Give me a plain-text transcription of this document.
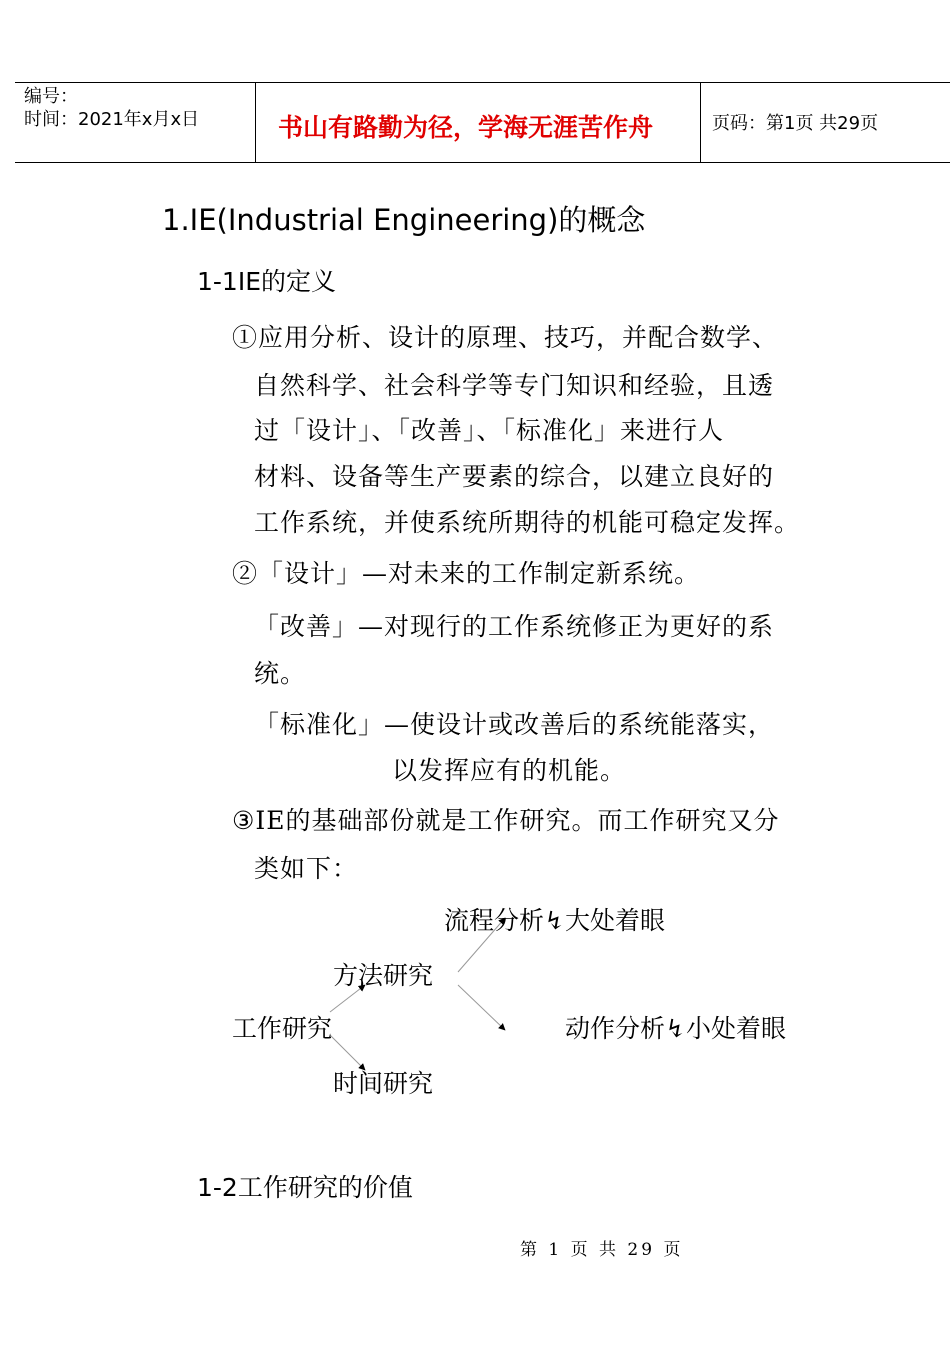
编号：
时间：2021年x月x日	书山有路勤为径，学海无涯苦作舟	页码：第1页 共29页
1.IE(Industrial Engineering)的概念
1-1IE的定义
①应用分析、设计的原理、技巧，并配合数学、
自然科学、社会科学等专门知识和经验，且透
过「设计」、「改善」、「标准化」来进行人
材料、设备等生产要素的综合，以建立良好的
工作系统，并使系统所期待的机能可稳定发挥。
②「设计」—对未来的工作制定新系统。
「改善」—对现行的工作系统修正为更好的系
统。
「标准化」—使设计或改善后的系统能落实，
以发挥应有的机能。
③IE的基础部份就是工作研究。而工作研究又分
类如下：
流程分析↯大处着眼
方法研究
工作研究	动作分析↯小处着眼
时间研究
1-2工作研究的价值
第 1 页 共 29 页
